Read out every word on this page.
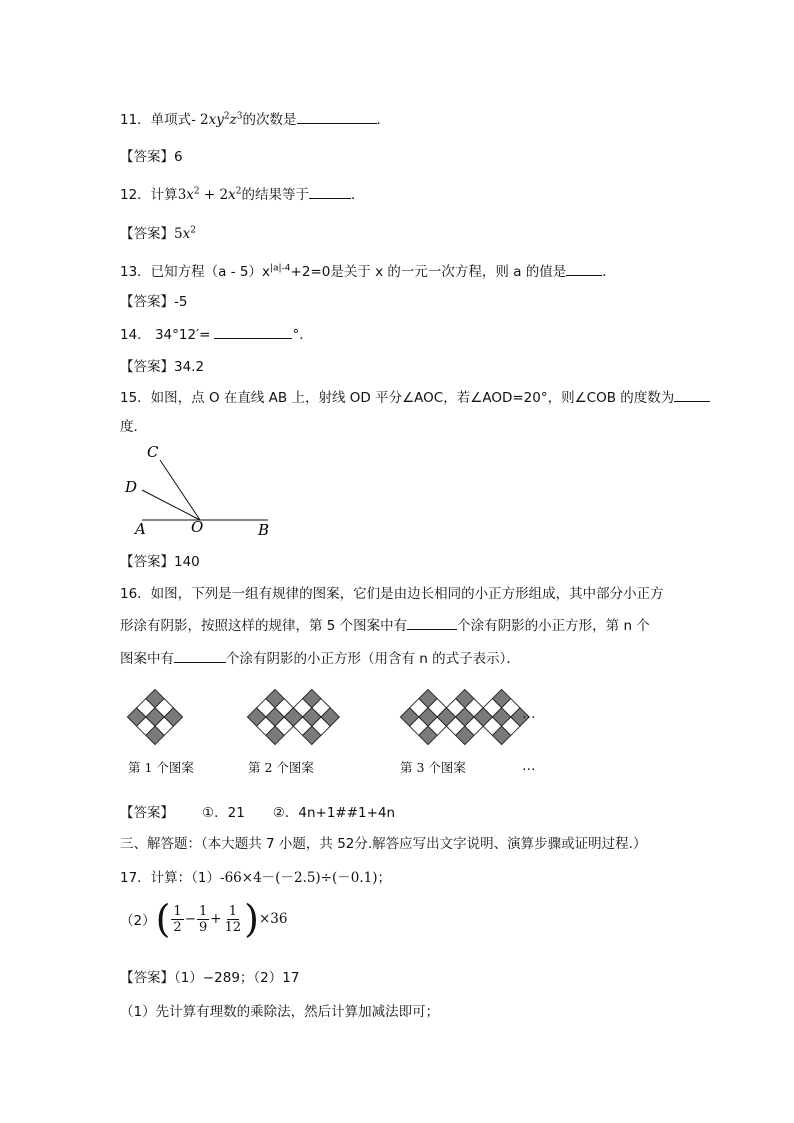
11．单项式- $2xy^2z^3$的次数是	．
【答案】6
12．计算$3x^2 + 2x^2$的结果等于	．
【答案】$5x^2$
13．已知方程$(a - 5)x^{|a|-4}+2=0$是关于 x 的一元一次方程，则 a 的值是	．
【答案】-5
14． 34°12′=	°．
【答案】34.2
15．如图，点 O 在直线 AB 上，射线 OD 平分∠AOC，若∠AOD=20°，则∠COB 的度数为
度．
C
D
A	O	B
【答案】140
16．如图，下列是一组有规律的图案，它们是由边长相同的小正方形组成，其中部分小正方
形涂有阴影，按照这样的规律，第 5 个图案中有	个涂有阴影的小正方形，第 n 个
图案中有	个涂有阴影的小正方形（用含有 n 的式子表示）．
…
第 1 个图案	第 2 个图案	第 3 个图案	…
【答案】 ①．21 ②．4n+1##1+4n
三、解答题：（本大题共 7 小题，共 52分.解答应写出文字说明、演算步骤或证明过程.）
17．计算：（1）-66×4－(－2.5)÷(－0.1)；
（2） ( $\frac{1}{2} - \frac{1}{9} + \frac{1}{12}$ ) ×36
【答案】（1）−289；（2）17
（1）先计算有理数的乘除法，然后计算加减法即可；
